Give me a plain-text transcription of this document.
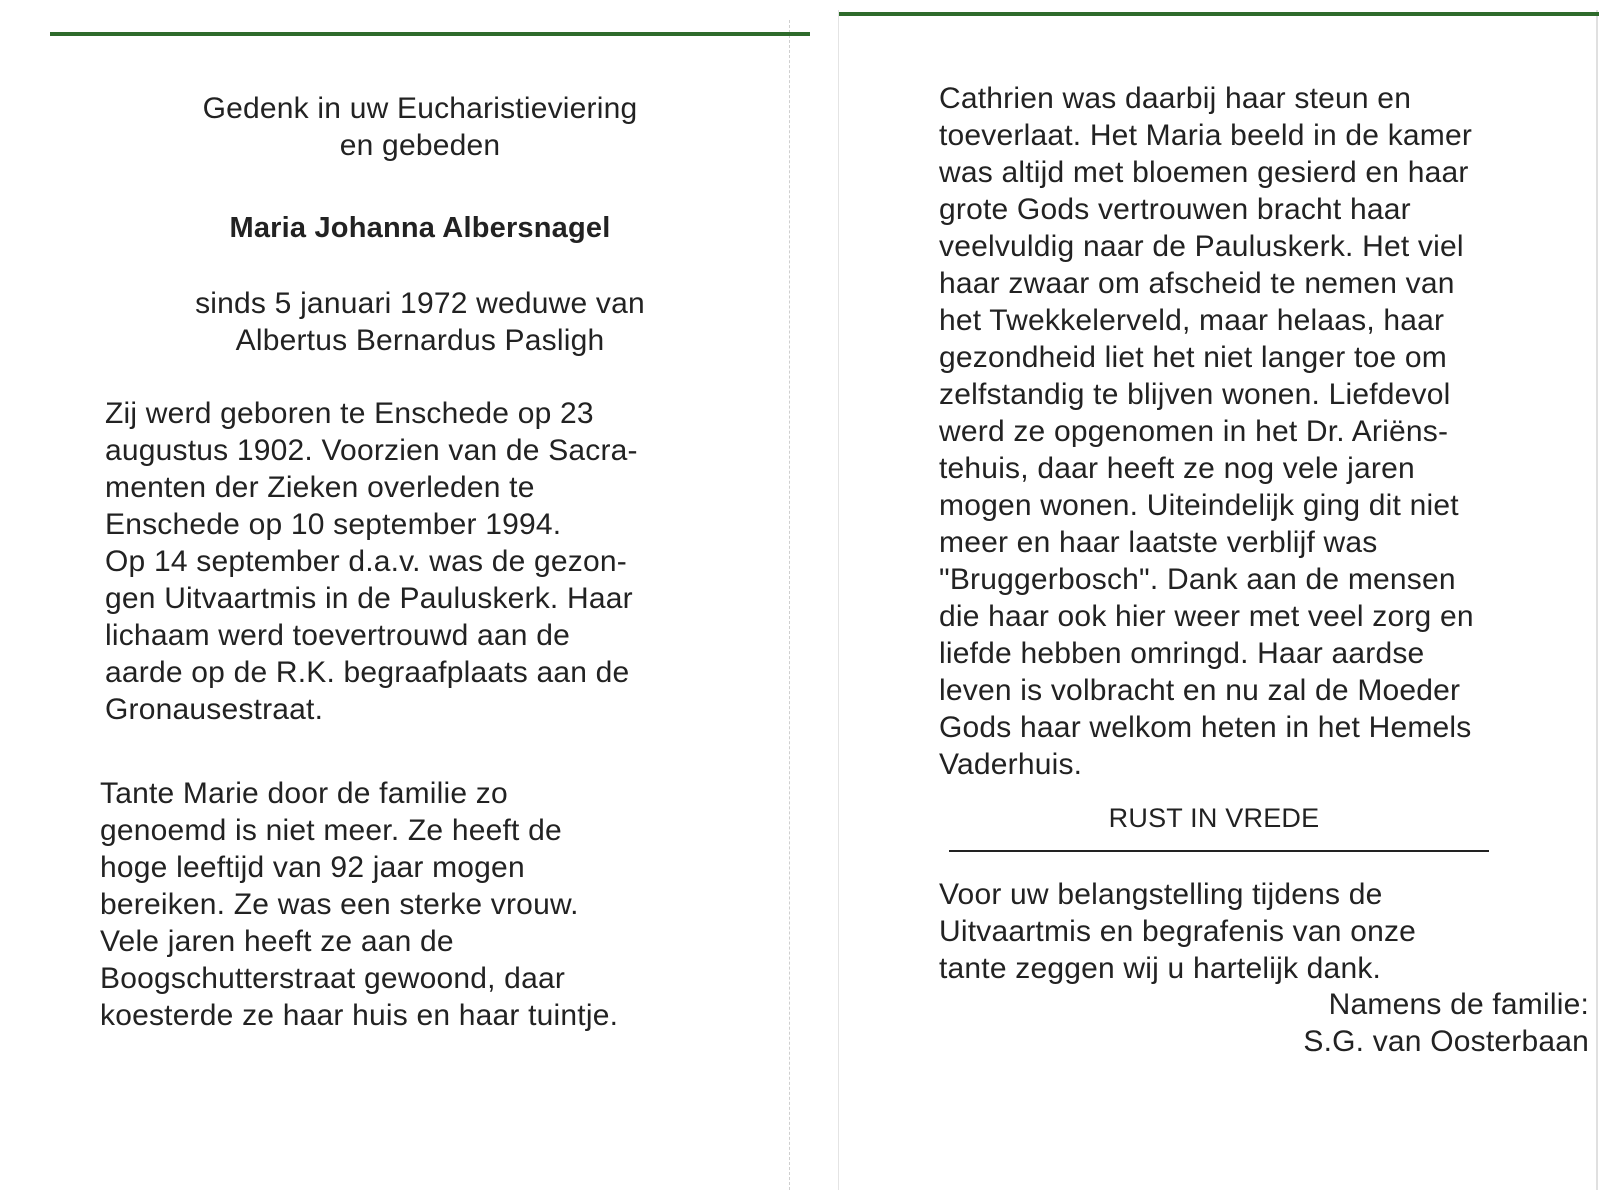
Gedenk in uw Eucharistieviering
en gebeden
Maria Johanna Albersnagel
sinds 5 januari 1972 weduwe van
Albertus Bernardus Pasligh
Zij werd geboren te Enschede op 23
augustus 1902. Voorzien van de Sacra-
menten der Zieken overleden te
Enschede op 10 september 1994.
Op 14 september d.a.v. was de gezon-
gen Uitvaartmis in de Pauluskerk. Haar
lichaam werd toevertrouwd aan de
aarde op de R.K. begraafplaats aan de
Gronausestraat.
Tante Marie door de familie zo
genoemd is niet meer. Ze heeft de
hoge leeftijd van 92 jaar mogen
bereiken. Ze was een sterke vrouw.
Vele jaren heeft ze aan de
Boogschutterstraat gewoond, daar
koesterde ze haar huis en haar tuintje.
Cathrien was daarbij haar steun en
toeverlaat. Het Maria beeld in de kamer
was altijd met bloemen gesierd en haar
grote Gods vertrouwen bracht haar
veelvuldig naar de Pauluskerk. Het viel
haar zwaar om afscheid te nemen van
het Twekkelerveld, maar helaas, haar
gezondheid liet het niet langer toe om
zelfstandig te blijven wonen. Liefdevol
werd ze opgenomen in het Dr. Ariëns-
tehuis, daar heeft ze nog vele jaren
mogen wonen. Uiteindelijk ging dit niet
meer en haar laatste verblijf was
"Bruggerbosch". Dank aan de mensen
die haar ook hier weer met veel zorg en
liefde hebben omringd. Haar aardse
leven is volbracht en nu zal de Moeder
Gods haar welkom heten in het Hemels
Vaderhuis.
RUST IN VREDE
Voor uw belangstelling tijdens de
Uitvaartmis en begrafenis van onze
tante zeggen wij u hartelijk dank.
Namens de familie:
S.G. van Oosterbaan
